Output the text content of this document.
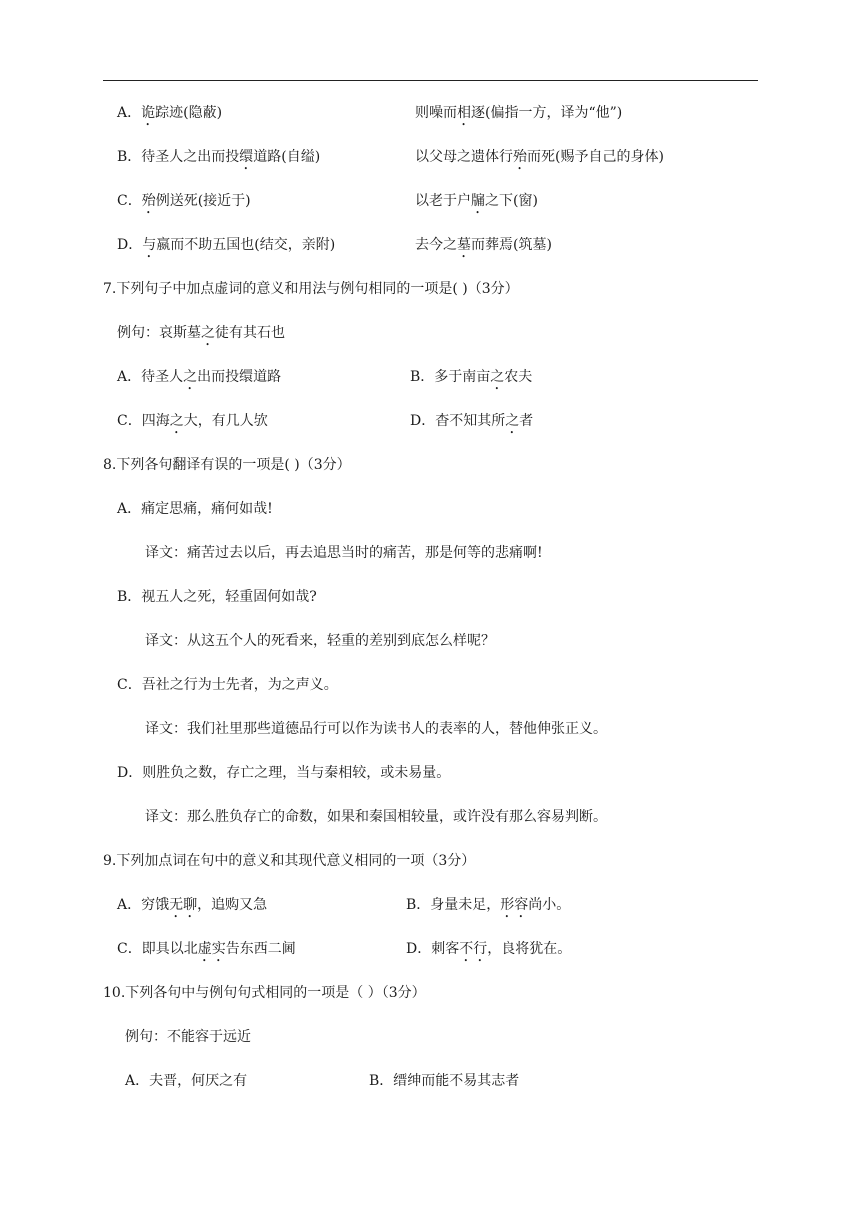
A．诡踪迹(隐蔽)	则噪而相逐(偏指一方，译为“他”)
B．待圣人之出而投缳道路(自缢)	以父母之遗体行殆而死(赐予自己的身体)
C．殆例送死(接近于)	以老于户牖之下(窗)
D．与嬴而不助五国也(结交，亲附)	去今之墓而葬焉(筑墓)
7.下列句子中加点虚词的意义和用法与例句相同的一项是( )（3分）
例句：哀斯墓之徒有其石也
A．待圣人之出而投缳道路	B．多于南亩之农夫
C．四海之大，有几人欤	D．杳不知其所之者
8.下列各句翻译有误的一项是( )（3分）
A．痛定思痛，痛何如哉!
译文：痛苦过去以后，再去追思当时的痛苦，那是何等的悲痛啊!
B．视五人之死，轻重固何如哉?
译文：从这五个人的死看来，轻重的差别到底怎么样呢？
C．吾社之行为士先者，为之声义。
译文：我们社里那些道德品行可以作为读书人的表率的人，替他伸张正义。
D．则胜负之数，存亡之理，当与秦相较，或未易量。
译文：那么胜负存亡的命数，如果和秦国相较量，或许没有那么容易判断。
9.下列加点词在句中的意义和其现代意义相同的一项（3分）
A．穷饿无聊，追购又急	B．身量未足，形容尚小。
C．即具以北虚实告东西二阃	D．刺客不行，良将犹在。
10.下列各句中与例句句式相同的一项是（ ）（3分）
例句：不能容于远近
A．夫晋，何厌之有	B．缙绅而能不易其志者
